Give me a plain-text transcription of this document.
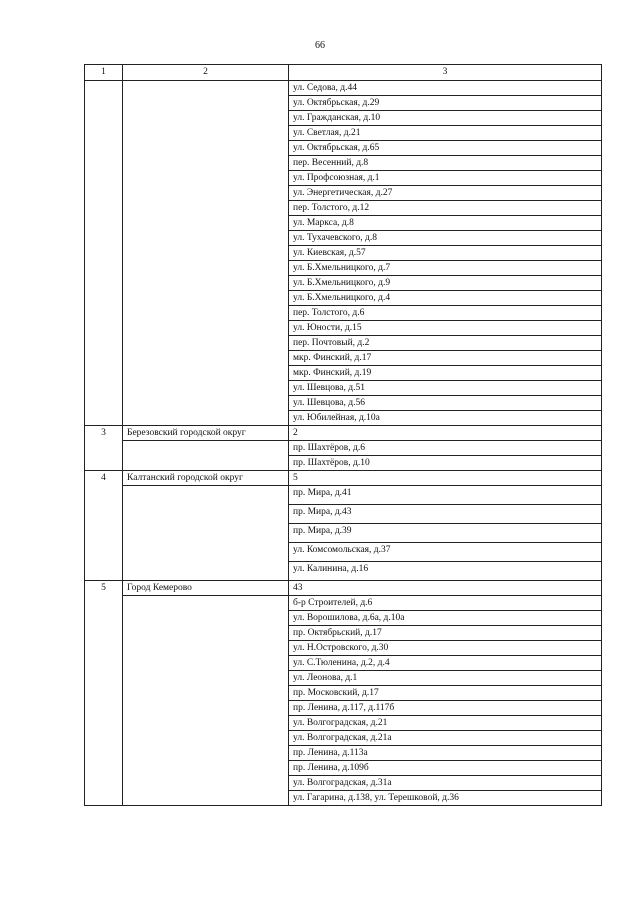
66
1	2	3
		ул. Седова, д.44
		ул. Октябрьская, д.29
		ул. Гражданская, д.10
		ул. Светлая, д.21
		ул. Октябрьская, д.65
		пер. Весенний, д.8
		ул. Профсоюзная, д.1
		ул. Энергетическая, д.27
		пер. Толстого, д.12
		ул. Маркса, д.8
		ул. Тухачевского, д.8
		ул. Киевская, д.57
		ул. Б.Хмельницкого, д.7
		ул. Б.Хмельницкого, д.9
		ул. Б.Хмельницкого, д.4
		пер. Толстого, д.6
		ул. Юности, д.15
		пер. Почтовый, д.2
		мкр. Финский, д.17
		мкр. Финский, д.19
		ул. Шевцова, д.51
		ул. Шевцова, д.56
		ул. Юбилейная, д.10а
3	Березовский городской округ	2
		пр. Шахтёров, д.6
		пр. Шахтёров, д.10
4	Калтанский городской округ	5
		пр. Мира, д.41
		пр. Мира, д.43
		пр. Мира, д.39
		ул. Комсомольская, д.37
		ул. Калинина, д.16
5	Город Кемерово	43
		б-р Строителей, д.6
		ул. Ворошилова, д.6а, д.10а
		пр. Октябрьский, д.17
		ул. Н.Островского, д.30
		ул. С.Тюленина, д.2, д.4
		ул. Леонова, д.1
		пр. Московский, д.17
		пр. Ленина, д.117, д.117б
		ул. Волгоградская, д.21
		ул. Волгоградская, д.21а
		пр. Ленина, д.113а
		пр. Ленина, д.109б
		ул. Волгоградская, д.31а
		ул. Гагарина, д.138, ул. Терешковой, д.36
